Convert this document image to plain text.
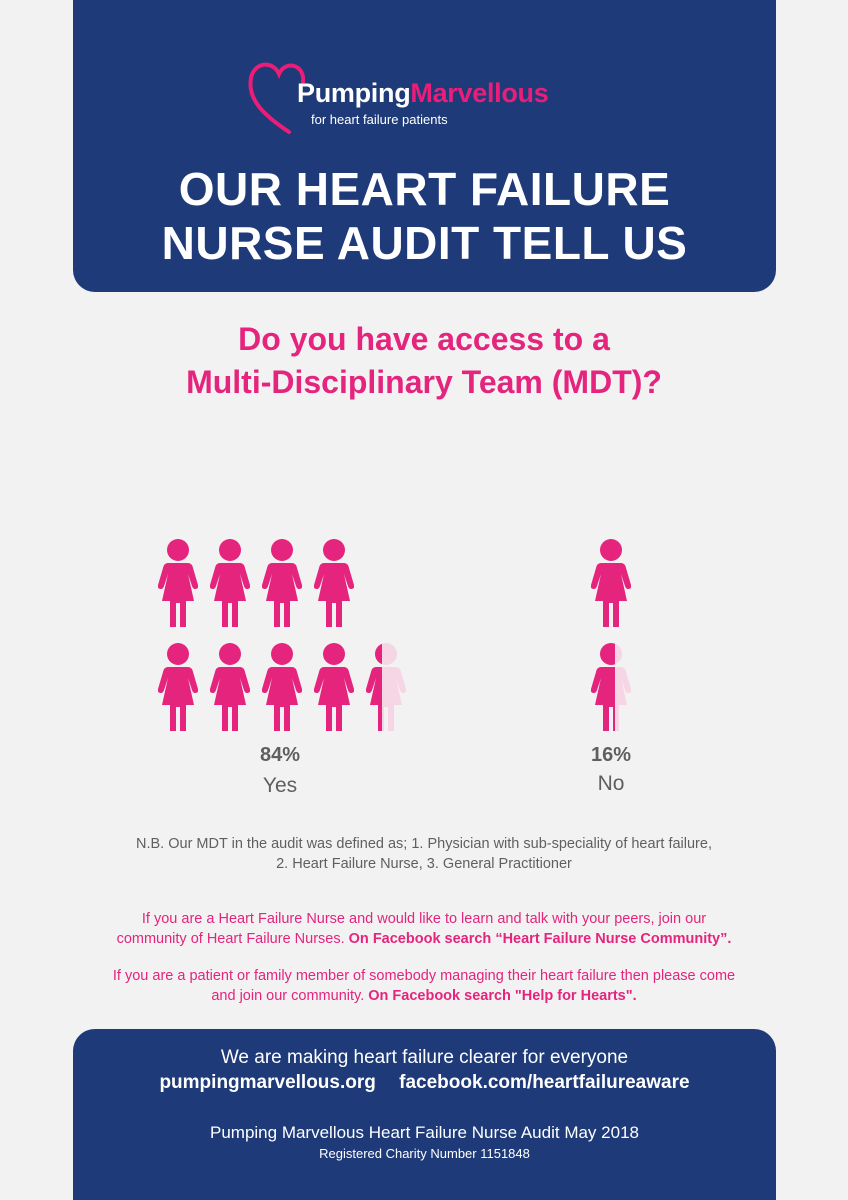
PumpingMarvellous
for heart failure patients
OUR HEART FAILURE
NURSE AUDIT TELL US
Do you have access to a
Multi-Disciplinary Team (MDT)?
84%
Yes
16%
No
N.B. Our MDT in the audit was defined as; 1. Physician with sub-speciality of heart failure,
2. Heart Failure Nurse, 3. General Practitioner
If you are a Heart Failure Nurse and would like to learn and talk with your peers, join our
community of Heart Failure Nurses. On Facebook search “Heart Failure Nurse Community”.
If you are a patient or family member of somebody managing their heart failure then please come
and join our community. On Facebook search "Help for Hearts".
We are making heart failure clearer for everyone
pumpingmarvellous.org facebook.com/heartfailureaware
Pumping Marvellous Heart Failure Nurse Audit May 2018
Registered Charity Number 1151848
